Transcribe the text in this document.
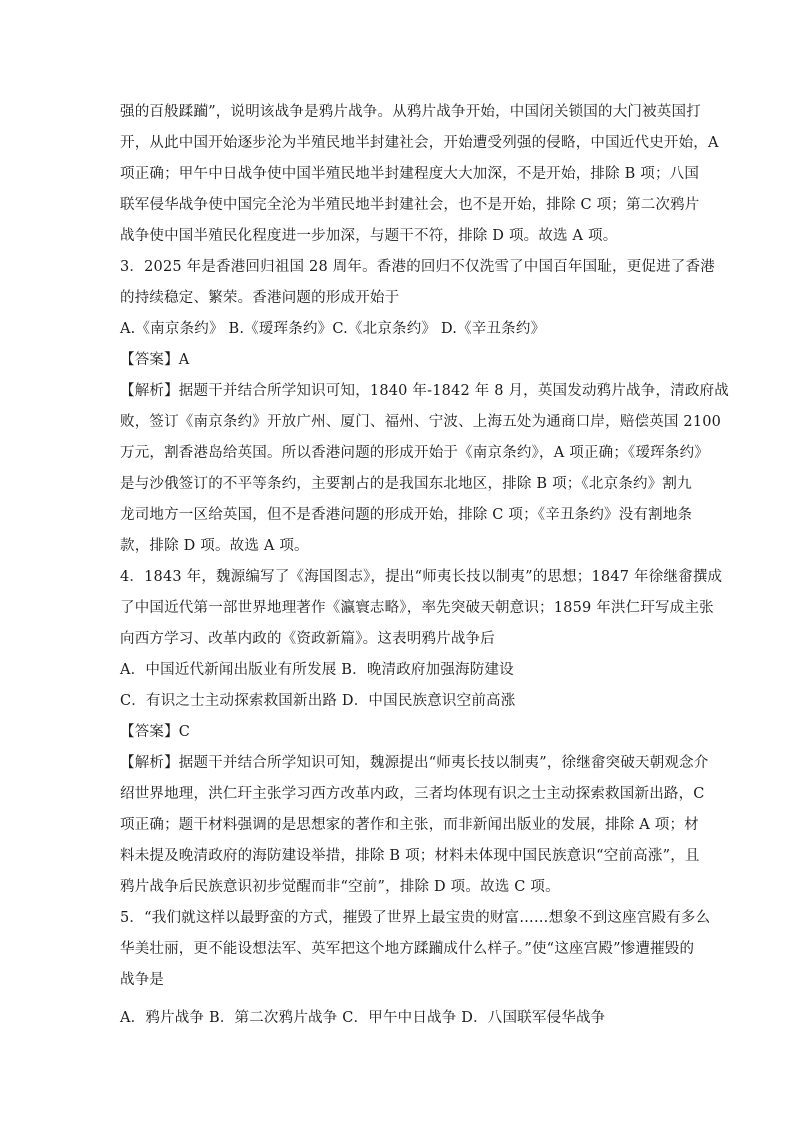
强的百般蹂躏”，说明该战争是鸦片战争。从鸦片战争开始，中国闭关锁国的大门被英国打
开，从此中国开始逐步沦为半殖民地半封建社会，开始遭受列强的侵略，中国近代史开始，A
项正确；甲午中日战争使中国半殖民地半封建程度大大加深，不是开始，排除 B 项；八国
联军侵华战争使中国完全沦为半殖民地半封建社会，也不是开始，排除 C 项；第二次鸦片
战争使中国半殖民化程度进一步加深，与题干不符，排除 D 项。故选 A 项。
3．2025 年是香港回归祖国 28 周年。香港的回归不仅洗雪了中国百年国耻，更促进了香港
的持续稳定、繁荣。香港问题的形成开始于
A.《南京条约》 B.《瑷珲条约》C.《北京条约》 D.《辛丑条约》
【答案】A
【解析】据题干并结合所学知识可知，1840 年-1842 年 8 月，英国发动鸦片战争，清政府战
败，签订《南京条约》开放广州、厦门、福州、宁波、上海五处为通商口岸，赔偿英国 2100
万元，割香港岛给英国。所以香港问题的形成开始于《南京条约》，A 项正确；《瑷珲条约》
是与沙俄签订的不平等条约，主要割占的是我国东北地区，排除 B 项；《北京条约》割九
龙司地方一区给英国，但不是香港问题的形成开始，排除 C 项；《辛丑条约》没有割地条
款，排除 D 项。故选 A 项。
4．1843 年，魏源编写了《海国图志》，提出“师夷长技以制夷”的思想；1847 年徐继畲撰成
了中国近代第一部世界地理著作《瀛寰志略》，率先突破天朝意识；1859 年洪仁玕写成主张
向西方学习、改革内政的《资政新篇》。这表明鸦片战争后
A．中国近代新闻出版业有所发展 B．晚清政府加强海防建设
C．有识之士主动探索救国新出路 D．中国民族意识空前高涨
【答案】C
【解析】据题干并结合所学知识可知，魏源提出“师夷长技以制夷”，徐继畲突破天朝观念介
绍世界地理，洪仁玕主张学习西方改革内政，三者均体现有识之士主动探索救国新出路，C
项正确；题干材料强调的是思想家的著作和主张，而非新闻出版业的发展，排除 A 项；材
料未提及晚清政府的海防建设举措，排除 B 项；材料未体现中国民族意识“空前高涨”，且
鸦片战争后民族意识初步觉醒而非“空前”，排除 D 项。故选 C 项。
5．“我们就这样以最野蛮的方式，摧毁了世界上最宝贵的财富……想象不到这座宫殿有多么
华美壮丽，更不能设想法军、英军把这个地方蹂躏成什么样子。”使“这座宫殿”惨遭摧毁的
战争是
A．鸦片战争 B．第二次鸦片战争 C．甲午中日战争 D．八国联军侵华战争
